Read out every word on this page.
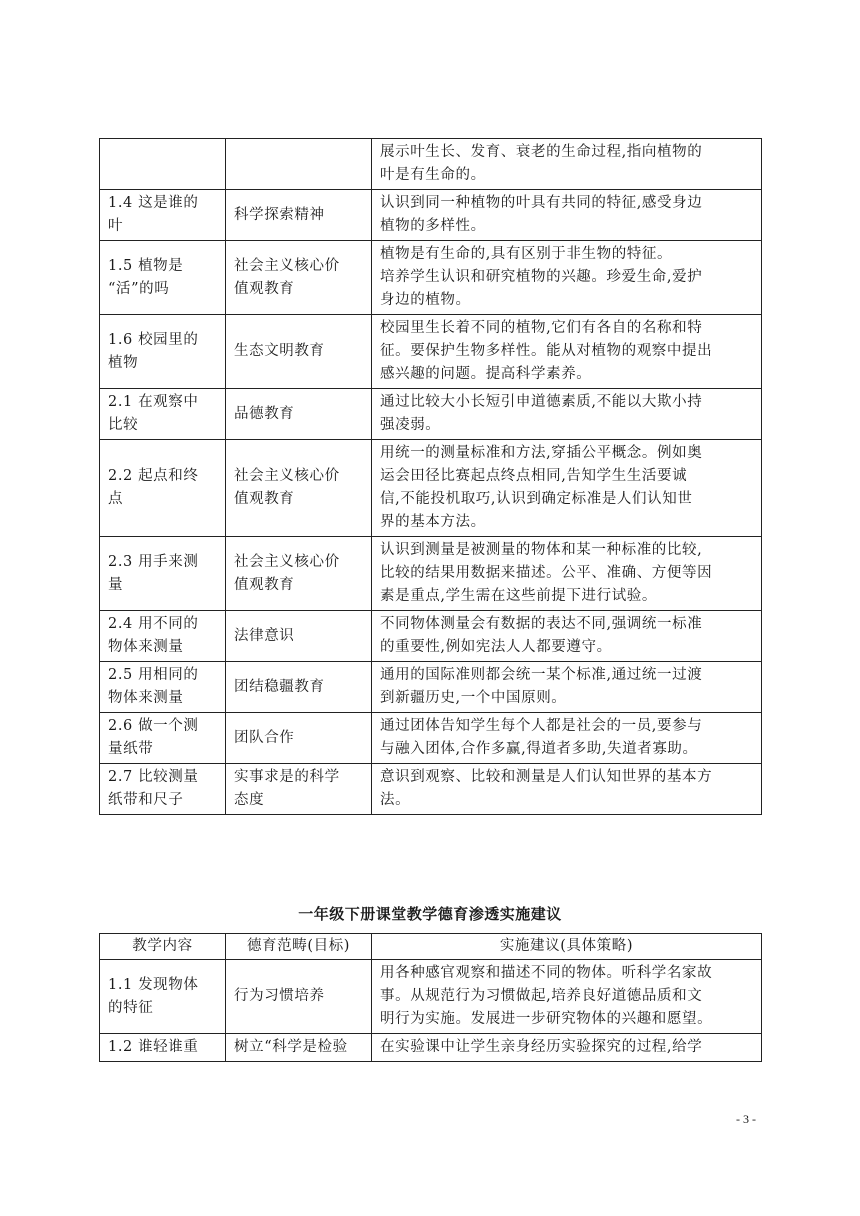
		展示叶生长、发育、衰老的生命过程,指向植物的
叶是有生命的。

1.4 这是谁的
叶	科学探索精神	认识到同一种植物的叶具有共同的特征,感受身边
植物的多样性。

1.5 植物是
“活”的吗	社会主义核心价
值观教育	植物是有生命的,具有区别于非生物的特征。
培养学生认识和研究植物的兴趣。珍爱生命,爱护
身边的植物。

1.6 校园里的
植物	生态文明教育	校园里生长着不同的植物,它们有各自的名称和特
征。要保护生物多样性。能从对植物的观察中提出
感兴趣的问题。提高科学素养。

2.1 在观察中
比较	品德教育	通过比较大小长短引申道德素质,不能以大欺小持
强凌弱。

2.2 起点和终
点	社会主义核心价
值观教育	用统一的测量标准和方法,穿插公平概念。例如奥
运会田径比赛起点终点相同,告知学生生活要诚
信,不能投机取巧,认识到确定标准是人们认知世
界的基本方法。

2.3 用手来测
量	社会主义核心价
值观教育	认识到测量是被测量的物体和某一种标准的比较,
比较的结果用数据来描述。公平、准确、方便等因
素是重点,学生需在这些前提下进行试验。

2.4 用不同的
物体来测量	法律意识	不同物体测量会有数据的表达不同,强调统一标准
的重要性,例如宪法人人都要遵守。

2.5 用相同的
物体来测量	团结稳疆教育	通用的国际准则都会统一某个标准,通过统一过渡
到新疆历史,一个中国原则。

2.6 做一个测
量纸带	团队合作	通过团体告知学生每个人都是社会的一员,要参与
与融入团体,合作多赢,得道者多助,失道者寡助。

2.7 比较测量
纸带和尺子	实事求是的科学
态度	意识到观察、比较和测量是人们认知世界的基本方
法。
一年级下册课堂教学德育渗透实施建议
教学内容	德育范畴(目标)	实施建议(具体策略)

1.1 发现物体
的特征	行为习惯培养	用各种感官观察和描述不同的物体。听科学名家故
事。从规范行为习惯做起,培养良好道德品质和文
明行为实施。发展进一步研究物体的兴趣和愿望。

1.2 谁轻谁重	树立“科学是检验	在实验课中让学生亲身经历实验探究的过程,给学
- 3 -
